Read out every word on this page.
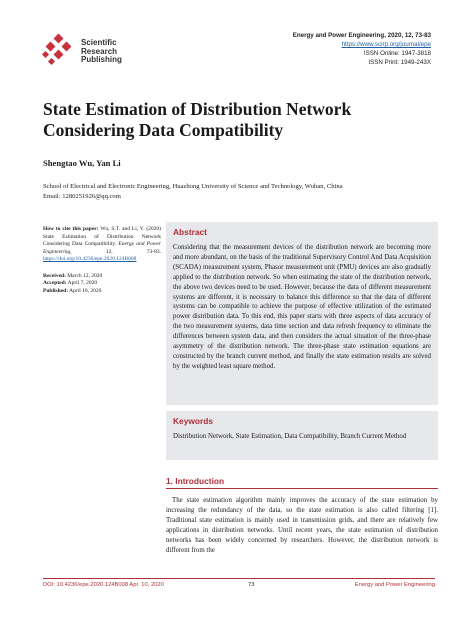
Scientific
Research
Publishing
Energy and Power Engineering, 2020, 12, 73-83
https://www.scirp.org/journal/epe
ISSN Online: 1947-3818
ISSN Print: 1949-243X
State Estimation of Distribution Network
Considering Data Compatibility
Shengtao Wu, Yan Li
School of Electrical and Electronic Engineering, Huazhong University of Science and Technology, Wuhan, China
Email: 1280251926@qq.com
How to cite this paper: Wu, S.T. and Li, Y. (2020) State Estimation of Distribution Network Considering Data Compatibility. Energy and Power Engineering, 12, 73-83. https://doi.org/10.4236/epe.2020.124B008
Received: March 12, 2020
Accepted: April 7, 2020
Published: April 10, 2020
Abstract
Considering that the measurement devices of the distribution network are becoming more and more abundant, on the basis of the traditional Supervisory Control And Data Acquisition (SCADA) measurement system, Phasor measurement unit (PMU) devices are also gradually applied to the distribution network. So when estimating the state of the distribution network, the above two devices need to be used. However, because the data of different measurement systems are different, it is necessary to balance this difference so that the data of different systems can be compatible to achieve the purpose of effective utilization of the estimated power distribution data. To this end, this paper starts with three aspects of data accuracy of the two measurement systems, data time section and data refresh frequency to eliminate the differences between system data, and then considers the actual situation of the three-phase asymmetry of the distribution network. The three-phase state estimation equations are constructed by the branch current method, and finally the state estimation results are solved by the weighted least square method.
Keywords
Distribution Network, State Estimation, Data Compatibility, Branch Current Method
1. Introduction
The state estimation algorithm mainly improves the accuracy of the state estimation by increasing the redundancy of the data, so the state estimation is also called filtering [1]. Traditional state estimation is mainly used in transmission grids, and there are relatively few applications in distribution networks. Until recent years, the state estimation of distribution networks has been widely concerned by researchers. However, the distribution network is different from the
DOI: 10.4236/epe.2020.124B008 Apr. 10, 2020	73	Energy and Power Engineering
